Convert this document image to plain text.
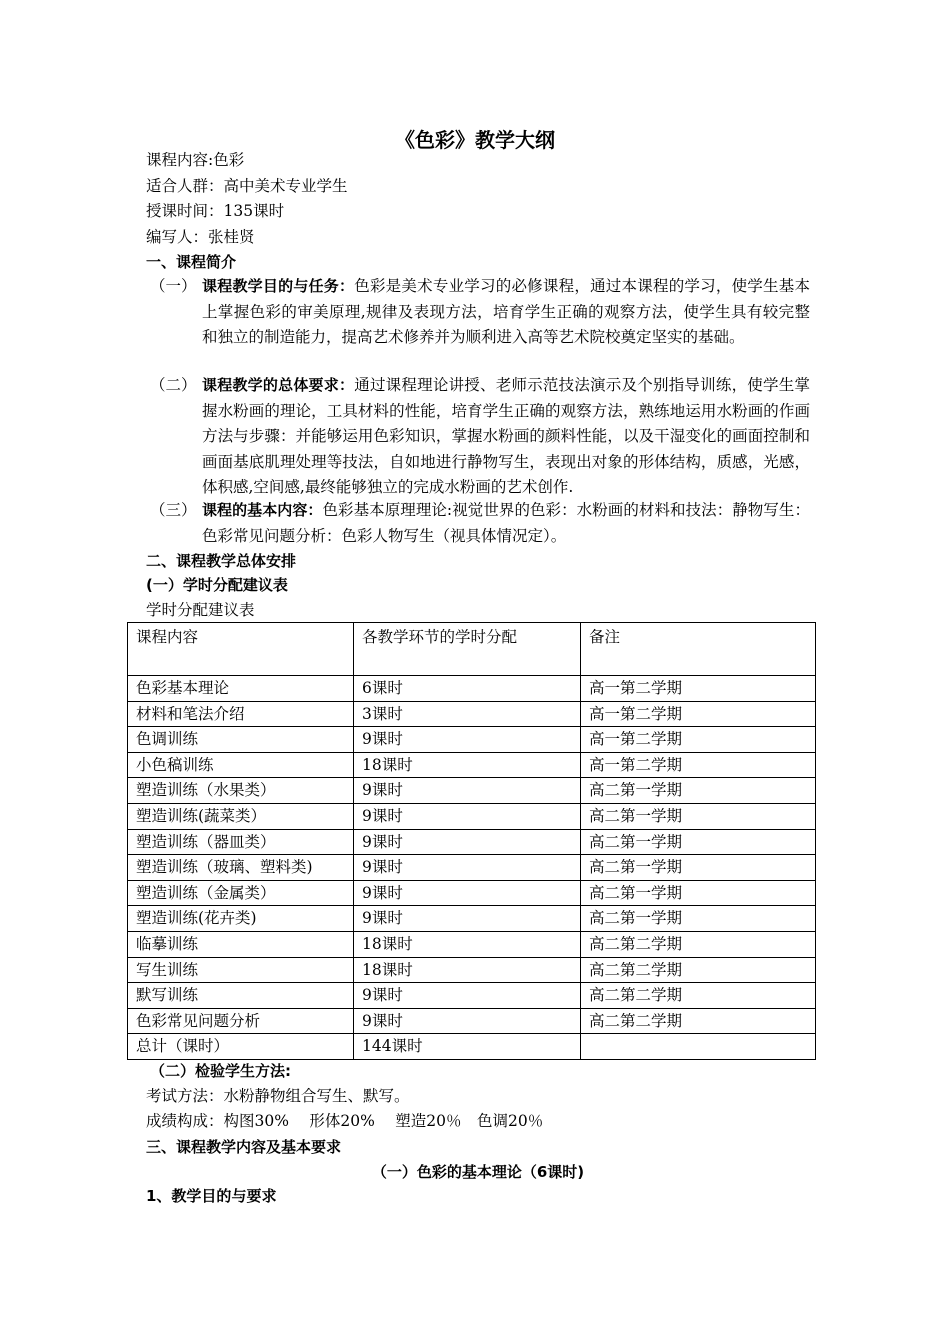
《色彩》教学大纲
课程内容:色彩
适合人群：高中美术专业学生
授课时间：135课时
编写人：张桂贤
一、课程简介
（一） 课程教学目的与任务：色彩是美术专业学习的必修课程，通过本课程的学习，使学生基本上掌握色彩的审美原理,规律及表现方法，培育学生正确的观察方法，使学生具有较完整和独立的制造能力，提高艺术修养并为顺利进入高等艺术院校奠定坚实的基础。
（二） 课程教学的总体要求：通过课程理论讲授、老师示范技法演示及个别指导训练，使学生掌握水粉画的理论，工具材料的性能，培育学生正确的观察方法，熟练地运用水粉画的作画方法与步骤：并能够运用色彩知识，掌握水粉画的颜料性能，以及干湿变化的画面控制和画面基底肌理处理等技法，自如地进行静物写生，表现出对象的形体结构，质感，光感，体积感,空间感,最终能够独立的完成水粉画的艺术创作.
（三） 课程的基本内容：色彩基本原理理论:视觉世界的色彩：水粉画的材料和技法：静物写生：色彩常见问题分析：色彩人物写生（视具体情况定）。
二、课程教学总体安排
(一）学时分配建议表
学时分配建议表
课程内容	各教学环节的学时分配	备注
色彩基本理论	6课时	高一第二学期
材料和笔法介绍	3课时	高一第二学期
色调训练	9课时	高一第二学期
小色稿训练	18课时	高一第二学期
塑造训练（水果类）	9课时	高二第一学期
塑造训练(蔬菜类）	9课时	高二第一学期
塑造训练（器皿类）	9课时	高二第一学期
塑造训练（玻璃、塑料类)	9课时	高二第一学期
塑造训练（金属类）	9课时	高二第一学期
塑造训练(花卉类)	9课时	高二第一学期
临摹训练	18课时	高二第二学期
写生训练	18课时	高二第二学期
默写训练	9课时	高二第二学期
色彩常见问题分析	9课时	高二第二学期
总计（课时）	144课时	
（二）检验学生方法:
考试方法：水粉静物组合写生、默写。
成绩构成：构图30%　 形体20%　 塑造20％　色调20％
三、课程教学内容及基本要求
（一）色彩的基本理论（6课时)
1、教学目的与要求
